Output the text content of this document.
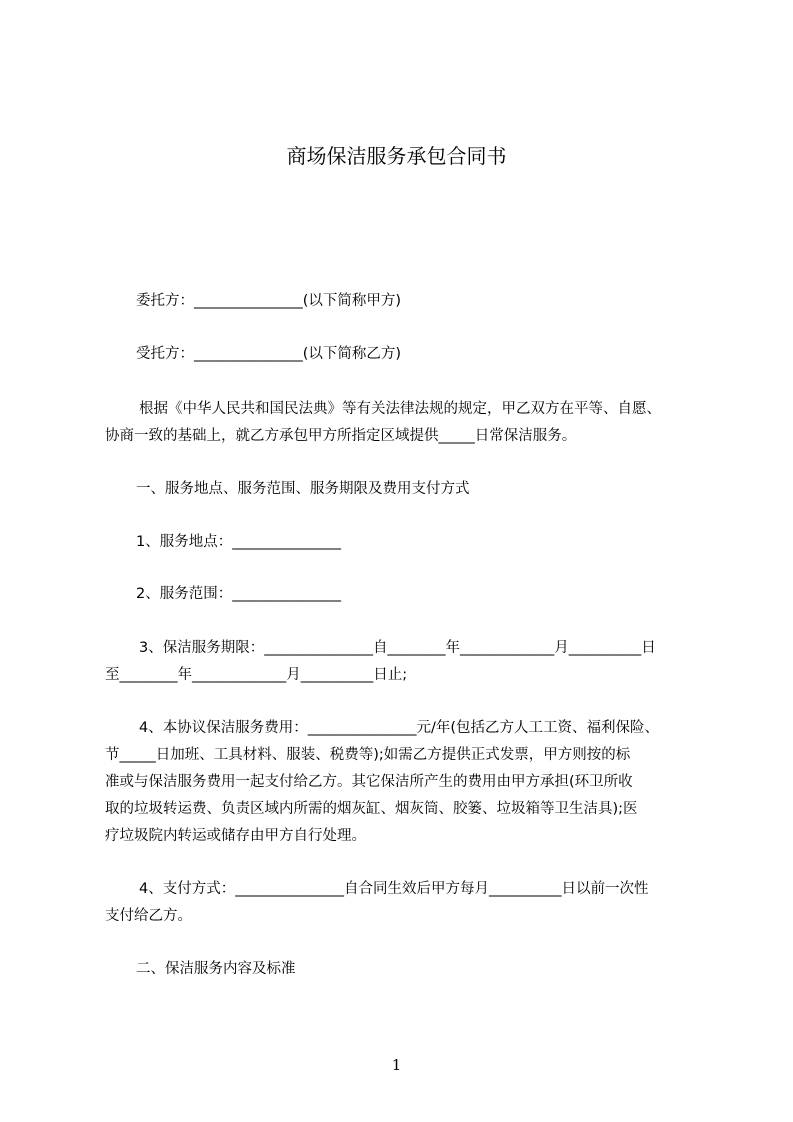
商场保洁服务承包合同书
委托方：_______________(以下简称甲方)
受托方：_______________(以下简称乙方)
根据《中华人民共和国民法典》等有关法律法规的规定，甲乙双方在平等、自愿、
协商一致的基础上，就乙方承包甲方所指定区域提供_____日常保洁服务。
一、服务地点、服务范围、服务期限及费用支付方式
1、服务地点：_______________
2、服务范围：_______________
3、保洁服务期限：_______________自________年_____________月__________日
至________年_____________月__________日止;
4、本协议保洁服务费用：_______________元/年(包括乙方人工工资、福利保险、
节_____日加班、工具材料、服装、税费等);如需乙方提供正式发票，甲方则按的标
准或与保洁服务费用一起支付给乙方。其它保洁所产生的费用由甲方承担(环卫所收
取的垃圾转运费、负责区域内所需的烟灰缸、烟灰筒、胶篓、垃圾箱等卫生洁具);医
疗垃圾院内转运或储存由甲方自行处理。
4、支付方式：_______________自合同生效后甲方每月__________日以前一次性
支付给乙方。
二、保洁服务内容及标准
1
